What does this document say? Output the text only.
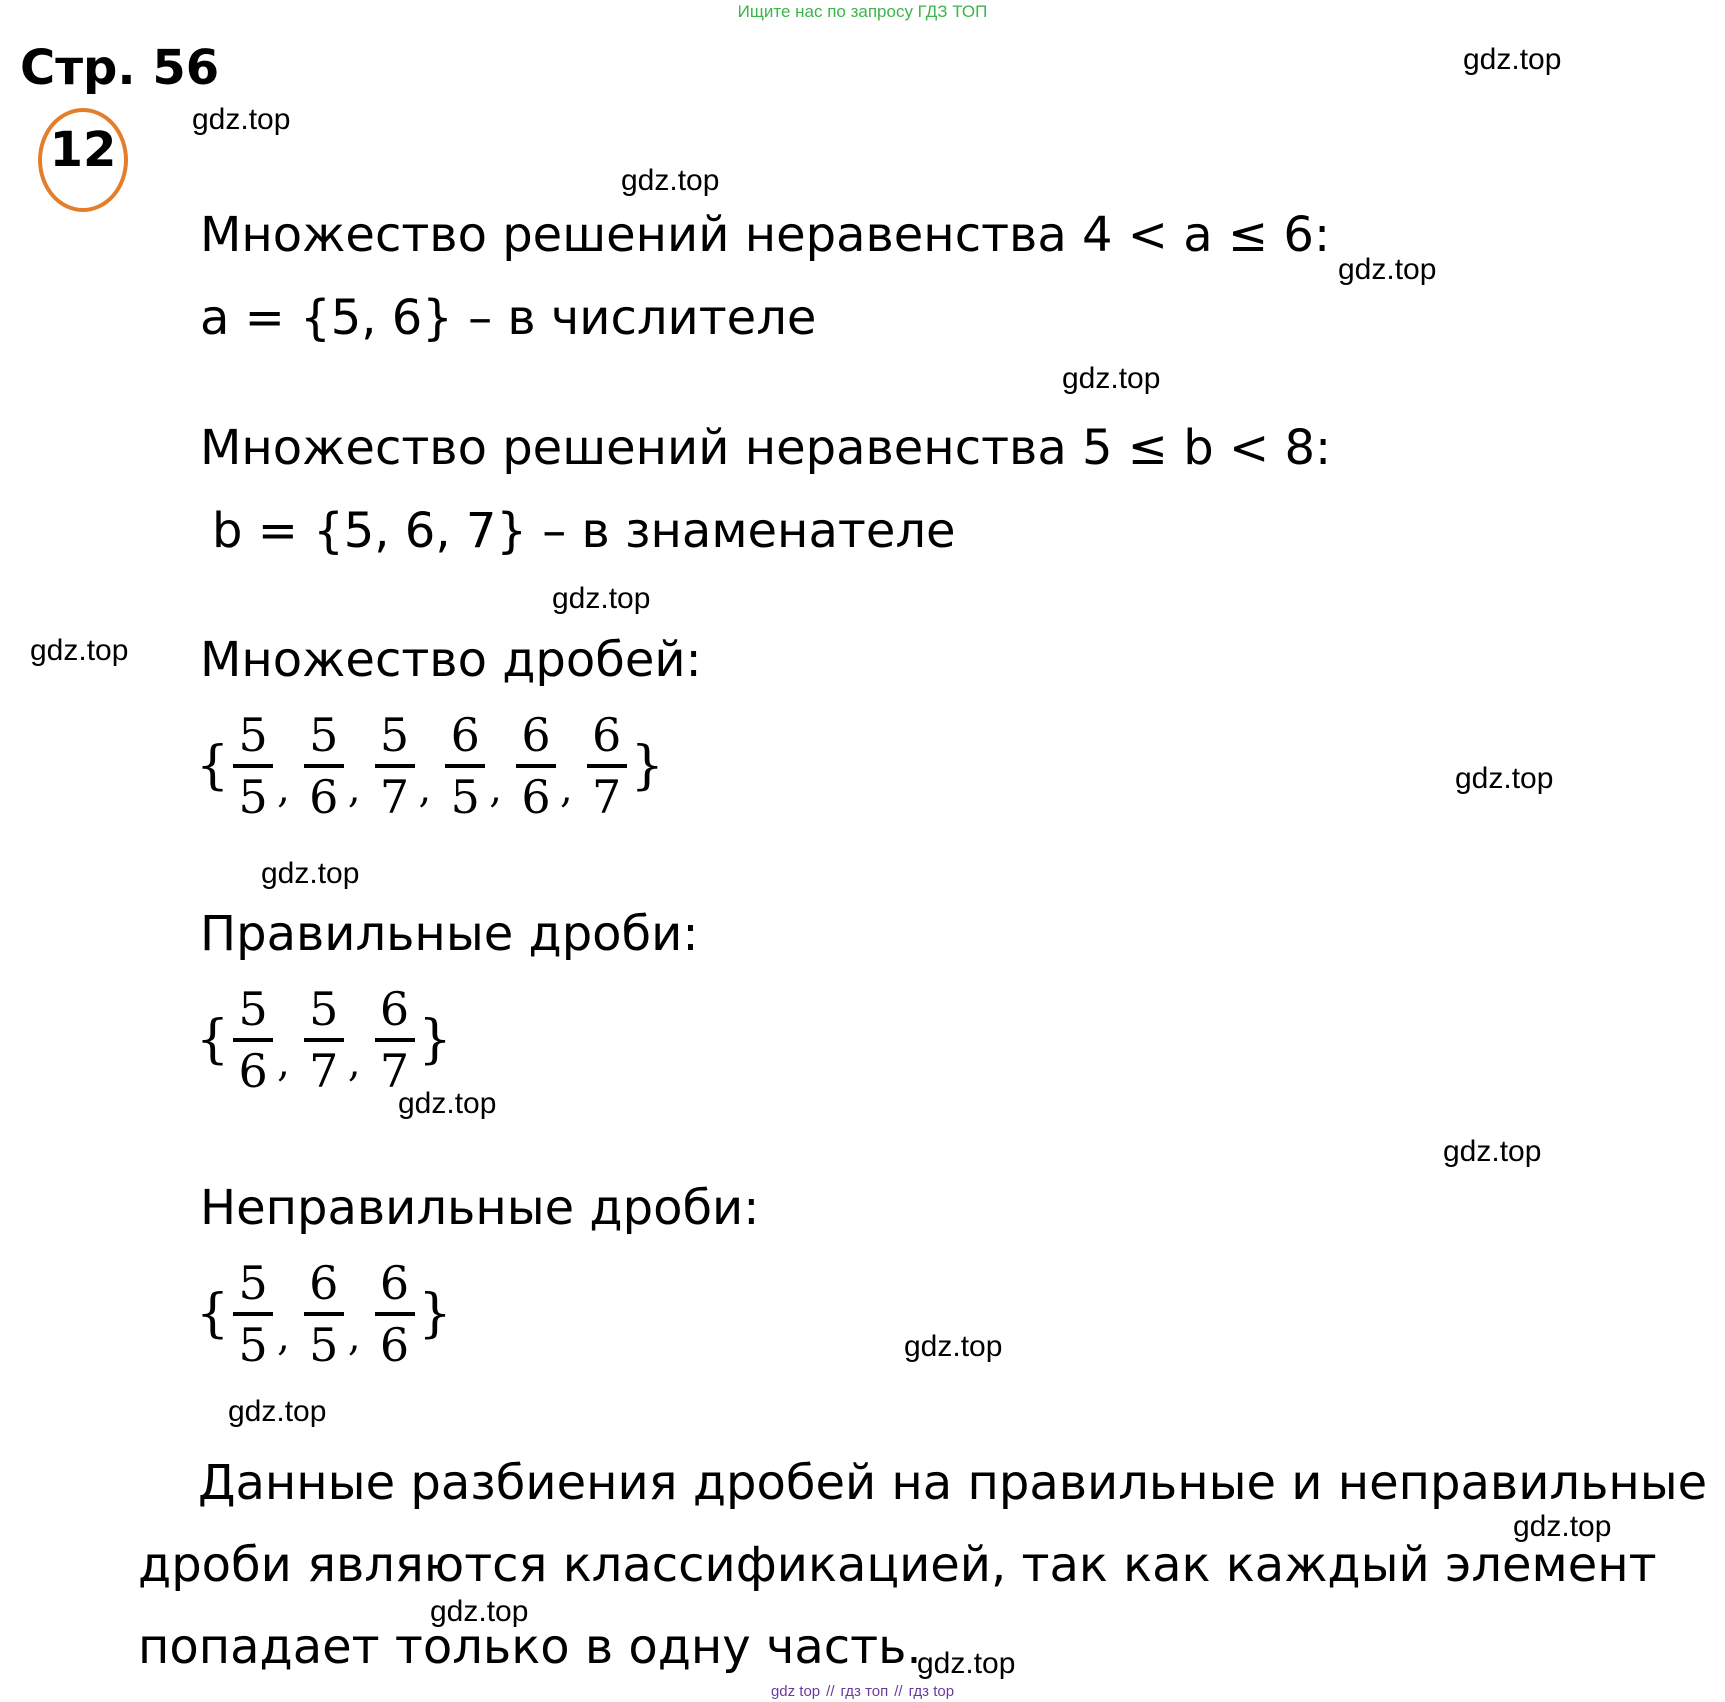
Ищите нас по запросу ГДЗ ТОП
Стр. 56
12
gdz.top
gdz.top
gdz.top
gdz.top
gdz.top
gdz.top
gdz.top
gdz.top
gdz.top
gdz.top
gdz.top
gdz.top
gdz.top
gdz.top
gdz.top
gdz.top
Множество решений неравенства 4 < a ≤ 6:
a = {5, 6} – в числителе
Множество решений неравенства 5 ≤ b < 8:
b = {5, 6, 7} – в знаменателе
Множество дробей:
{ $\frac{5}{5}$ , $\frac{5}{6}$ , $\frac{5}{7}$ , $\frac{6}{5}$ , $\frac{6}{6}$ , $\frac{6}{7}$ }
Правильные дроби:
{ $\frac{5}{6}$ , $\frac{5}{7}$ , $\frac{6}{7}$ }
Неправильные дроби:
{ $\frac{5}{5}$ , $\frac{6}{5}$ , $\frac{6}{6}$ }
Данные разбиения дробей на правильные и неправильные
дроби являются классификацией, так как каждый элемент
попадает только в одну часть.
gdz top // гдз топ // гдз top
